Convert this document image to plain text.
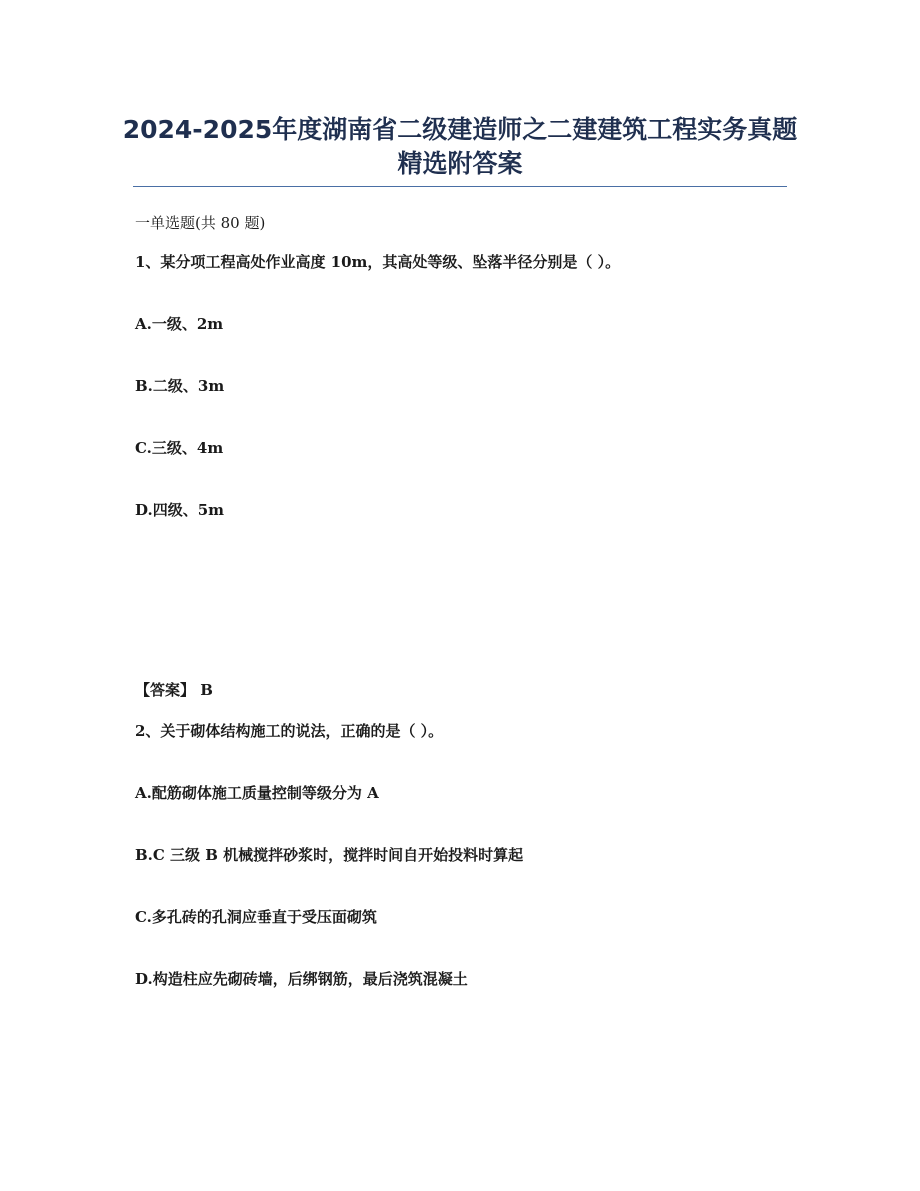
2024-2025年度湖南省二级建造师之二建建筑工程实务真题
精选附答案

一单选题(共 80 题)

1、某分项工程高处作业高度 10m，其高处等级、坠落半径分别是（ ）。

A.一级、2m

B.二级、3m

C.三级、4m

D.四级、5m

【答案】 B

2、关于砌体结构施工的说法，正确的是（ ）。

A.配筋砌体施工质量控制等级分为 A

B.C 三级 B 机械搅拌砂浆时，搅拌时间自开始投料时算起

C.多孔砖的孔洞应垂直于受压面砌筑

D.构造柱应先砌砖墙，后绑钢筋，最后浇筑混凝土
